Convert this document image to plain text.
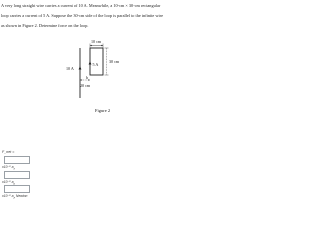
A very long straight wire carries a current of 10 A. Meanwhile, a 10-cm × 30-cm rectangular
loop carries a current of 5 A. Suppose the 30-cm side of the loop is parallel to the infinite wire
as shown in Figure 2. Determine force on the loop.
10 cm
30 cm
5 A
10 A
b
20 cm
Figure 2
F_net =
x10⁻⁵ $a_x$
x10⁻⁵ $a_y$
x10⁻⁵ $a_z$ Newton
